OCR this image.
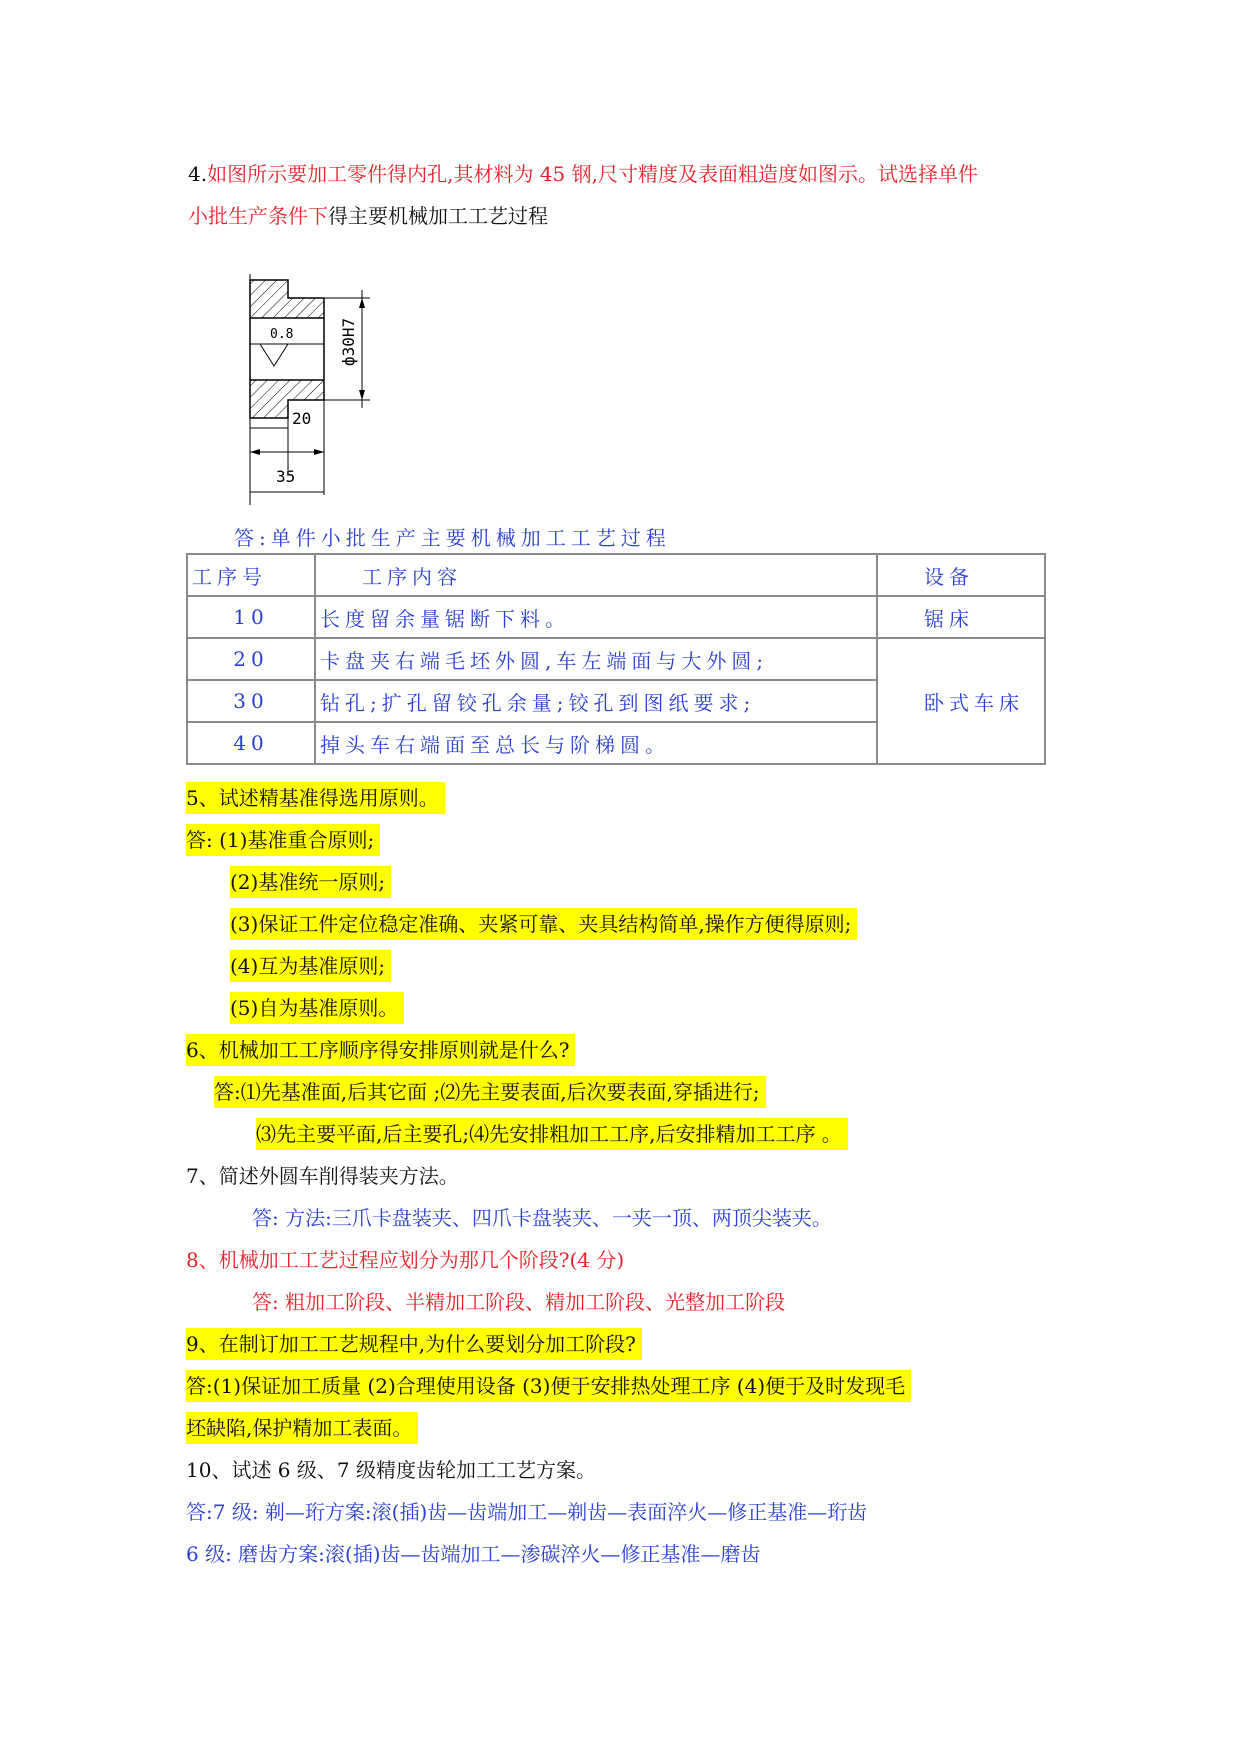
4.如图所示要加工零件得内孔,其材料为 45 钢,尺寸精度及表面粗造度如图示。试选择单件
小批生产条件下得主要机械加工工艺过程
0.8	ф30H7
20
35
答:单件小批生产主要机械加工工艺过程
工序号	工序内容	设备
10	长度留余量锯断下料。	锯床
20	卡盘夹右端毛坯外圆,车左端面与大外圆;	卧式车床
30	钻孔;扩孔留铰孔余量;铰孔到图纸要求;	
40	掉头车右端面至总长与阶梯圆。	
5、试述精基准得选用原则。
答: (1)基准重合原则;
(2)基准统一原则;
(3)保证工件定位稳定准确、夹紧可靠、夹具结构简单,操作方便得原则;
(4)互为基准原则;
(5)自为基准原则。
6、机械加工工序顺序得安排原则就是什么?
答:⑴先基准面,后其它面 ;⑵先主要表面,后次要表面,穿插进行;
⑶先主要平面,后主要孔;⑷先安排粗加工工序,后安排精加工工序 。
7、简述外圆车削得装夹方法。
答: 方法:三爪卡盘装夹、四爪卡盘装夹、一夹一顶、两顶尖装夹。
8、机械加工工艺过程应划分为那几个阶段?(4 分)
答: 粗加工阶段、半精加工阶段、精加工阶段、光整加工阶段
9、在制订加工工艺规程中,为什么要划分加工阶段?
答:(1)保证加工质量 (2)合理使用设备 (3)便于安排热处理工序 (4)便于及时发现毛
坯缺陷,保护精加工表面。
10、试述 6 级、7 级精度齿轮加工工艺方案。
答:7 级: 剃—珩方案:滚(插)齿—齿端加工—剃齿—表面淬火—修正基准—珩齿
6 级: 磨齿方案:滚(插)齿—齿端加工—渗碳淬火—修正基准—磨齿
